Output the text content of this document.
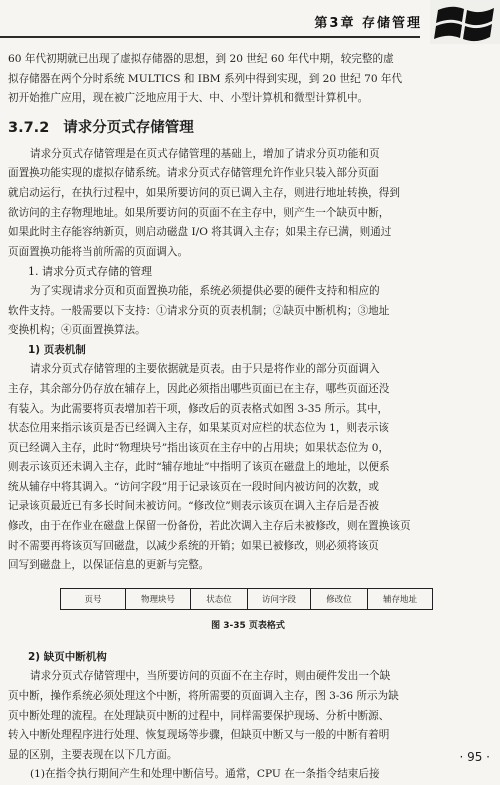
第3章 存储管理

60 年代初期就已出现了虚拟存储器的思想，到 20 世纪 60 年代中期，较完整的虚

拟存储器在两个分时系统 MULTICS 和 IBM 系列中得到实现，到 20 世纪 70 年代

初开始推广应用，现在被广泛地应用于大、中、小型计算机和微型计算机中。

3.7.2 请求分页式存储管理

请求分页式存储管理是在页式存储管理的基础上，增加了请求分页功能和页

面置换功能实现的虚拟存储系统。请求分页式存储管理允许作业只装入部分页面

就启动运行，在执行过程中，如果所要访问的页已调入主存，则进行地址转换，得到

欲访问的主存物理地址。如果所要访问的页面不在主存中，则产生一个缺页中断，

如果此时主存能容纳新页，则启动磁盘 I/O 将其调入主存；如果主存已满，则通过

页面置换功能将当前所需的页面调入。

1. 请求分页式存储的管理

为了实现请求分页和页面置换功能，系统必须提供必要的硬件支持和相应的

软件支持。一般需要以下支持：①请求分页的页表机制；②缺页中断机构；③地址

变换机构；④页面置换算法。

1) 页表机制

请求分页式存储管理的主要依据就是页表。由于只是将作业的部分页面调入

主存，其余部分仍存放在辅存上，因此必须指出哪些页面已在主存，哪些页面还没

有装入。为此需要将页表增加若干项，修改后的页表格式如图 3-35 所示。其中，

状态位用来指示该页是否已经调入主存，如果某页对应栏的状态位为 1，则表示该

页已经调入主存，此时“物理块号”指出该页在主存中的占用块；如果状态位为 0，

则表示该页还未调入主存，此时“辅存地址”中指明了该页在磁盘上的地址，以便系

统从辅存中将其调入。“访问字段”用于记录该页在一段时间内被访问的次数，或

记录该页最近已有多长时间未被访问。“修改位”则表示该页在调入主存后是否被

修改，由于在作业在磁盘上保留一份备份，若此次调入主存后未被修改，则在置换该页

时不需要再将该页写回磁盘，以减少系统的开销；如果已被修改，则必须将该页

回写到磁盘上，以保证信息的更新与完整。

页号	物理块号	状态位	访问字段	修改位	辅存地址
图 3-35 页表格式

2) 缺页中断机构

请求分页式存储管理中，当所要访问的页面不在主存时，则由硬件发出一个缺

页中断，操作系统必须处理这个中断，将所需要的页面调入主存，图 3-36 所示为缺

页中断处理的流程。在处理缺页中断的过程中，同样需要保护现场、分析中断源、

转入中断处理程序进行处理、恢复现场等步骤，但缺页中断又与一般的中断有着明

显的区别，主要表现在以下几方面。

(1)在指令执行期间产生和处理中断信号。通常，CPU 在一条指令结束后接

· 95 ·
